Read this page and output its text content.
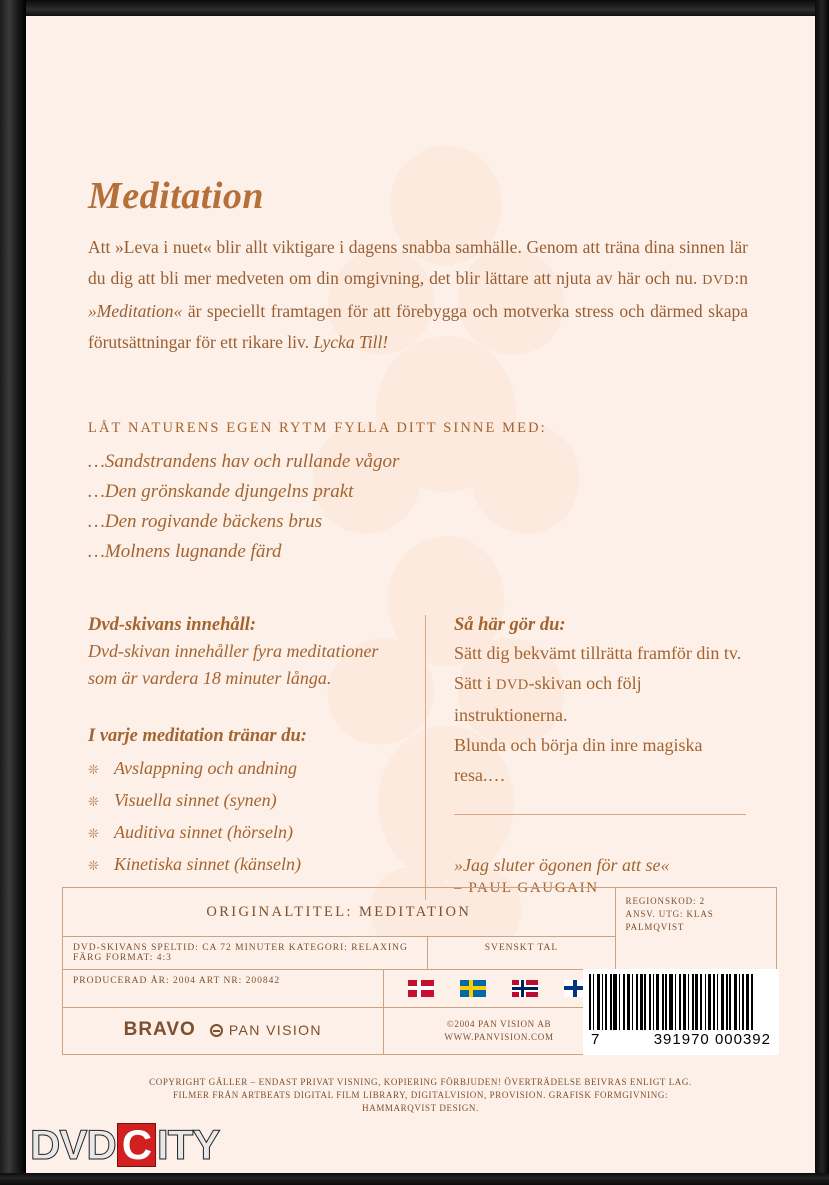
Meditation

Att »Leva i nuet« blir allt viktigare i dagens snabba samhälle. Genom att träna dina sinnen lär du dig att bli mer medveten om din omgivning, det blir lättare att njuta av här och nu. DVD:n »Meditation« är speciellt framtagen för att förebygga och motverka stress och därmed skapa förutsättningar för ett rikare liv. Lycka Till!

LÅT NATURENS EGEN RYTM FYLLA DITT SINNE MED:
…Sandstrandens hav och rullande vågor
…Den grönskande djungelns prakt
…Den rogivande bäckens brus
…Molnens lugnande färd
Dvd-skivans innehåll:

Dvd-skivan innehåller fyra meditationer som är vardera 18 minuter långa.

I varje meditation tränar du:
❊ Avslappning och andning
❊ Visuella sinnet (synen)
❊ Auditiva sinnet (hörseln)
❊ Kinetiska sinnet (känseln)
Så här gör du:

Sätt dig bekvämt tillrätta framför din tv.

Sätt i DVD-skivan och följ instruktionerna.

Blunda och börja din inre magiska resa.…

»Jag sluter ögonen för att se«
– PAUL GAUGAIN
ORIGINALTITEL: MEDITATION
DVD-SKIVANS SPELTID: CA 72 MINUTER KATEGORI: RELAXING FÄRG FORMAT: 4:3
SVENSKT TAL
PRODUCERAD ÅR: 2004 ART NR: 200842
BRAVO PAN VISION	©2004 PAN VISION AB
WWW.PANVISION.COM
REGIONSKOD: 2
ANSV. UTG: KLAS PALMQVIST
7	391970 000392
COPYRIGHT GÄLLER – ENDAST PRIVAT VISNING, KOPIERING FÖRBJUDEN! ÖVERTRÄDELSE BEIVRAS ENLIGT LAG. FILMER FRÅN ARTBEATS DIGITAL FILM LIBRARY, DIGITALVISION, PROVISION. GRAFISK FORMGIVNING: HAMMARQVIST DESIGN.
DVD C ITY
